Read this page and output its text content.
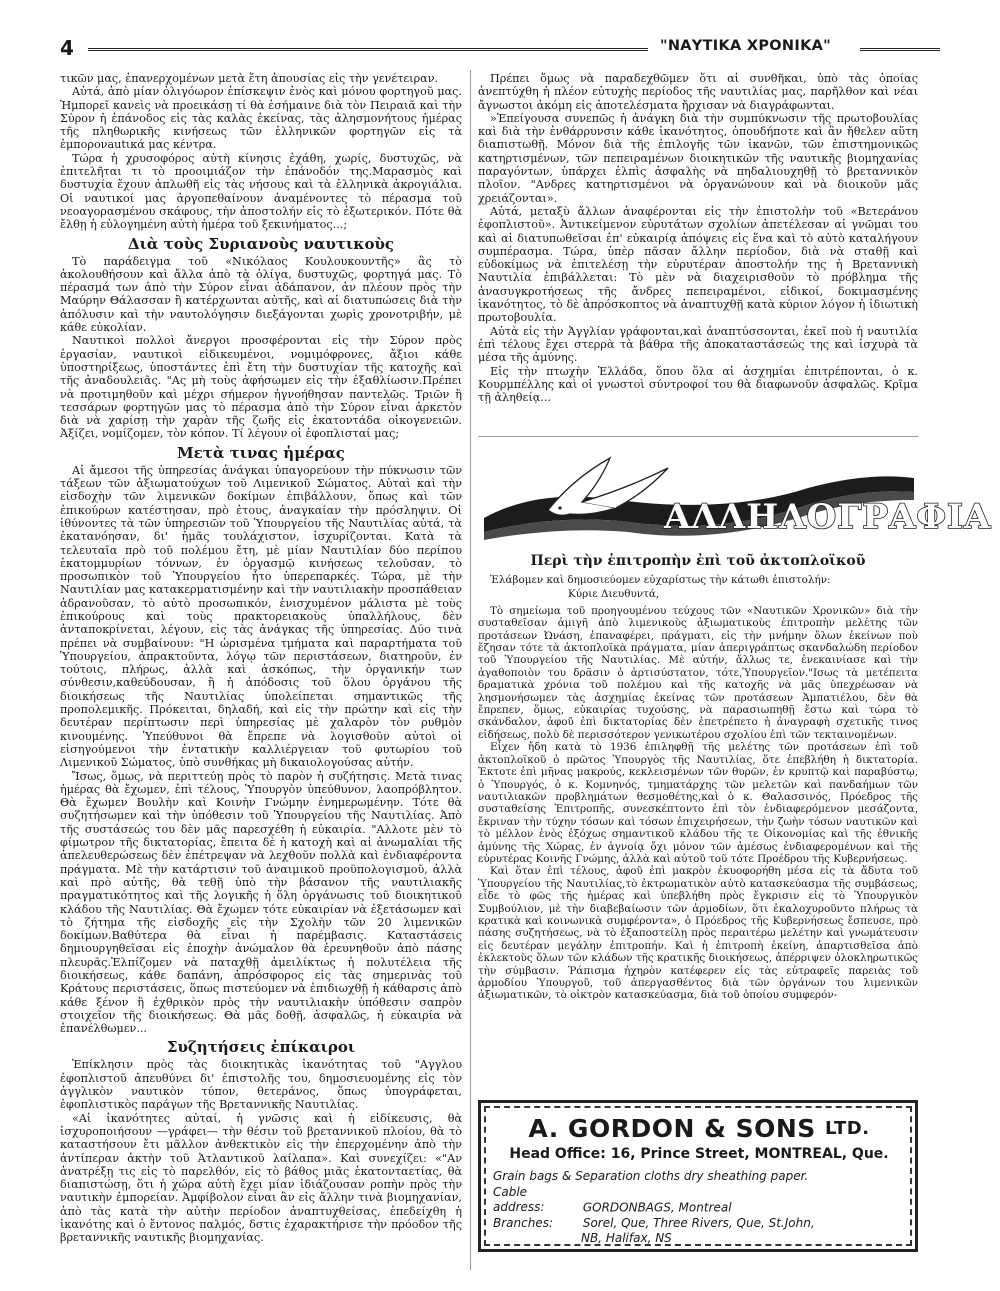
4	"ΝΑΥΤΙΚΑ ΧΡΟΝΙΚΑ"

τικῶν μας, ἐπανερχομένων μετὰ ἔτη ἀπουσίας εἰς τὴν γενέτειραν.

Αὐτά, ἀπὸ μίαν ὀλιγόωρον ἐπίσκεψιν ἑνὸς καὶ μόνου φορτηγοῦ μας. Ἠμπορεῖ κανεὶς νὰ προεικάσῃ τί θὰ ἐσήμαινε διὰ τὸν Πειραιᾶ καὶ τὴν Σύρον ἡ ἐπάνοδος εἰς τὰς καλὰς ἐκείνας, τὰς ἀλησμονήτους ἡμέρας τῆς πληθωρικῆς κινήσεως τῶν ἑλληνικῶν φορτηγῶν εἰς τὰ ἐμπορονautικά μας κέντρα.

Τώρα ἡ χρυσοφόρος αὐτὴ κίνησις ἐχάθη, χωρίς, δυστυχῶς, νὰ ἐπιτελῆται τι τὸ προοιμιάζον τὴν ἐπάνοδόν της.Μαρασμὸς καὶ δυστυχία ἔχουν ἁπλωθῆ εἰς τὰς νήσους καὶ τὰ ἑλληνικὰ ἀκρογιάλια. Οἱ ναυτικοί μας ἀργοπεθαίνουν ἀναμένοντες τὸ πέρασμα τοῦ νεοαγορασμένου σκάφους, τὴν ἀποστολήν εἰς τὸ ἐξωτερικόν. Πότε θὰ ἔλθῃ ἡ εὐλογημένη αὐτὴ ἡμέρα τοῦ ξεκινήματος...;

Διὰ τοὺς Συριανοὺς ναυτικοὺς

Τὸ παράδειγμα τοῦ «Νικόλαος Κουλουκουντῆς» ἂς τὸ ἀκολουθήσουν καὶ ἄλλα ἀπὸ τὰ ὀλίγα, δυστυχῶς, φορτηγά μας. Τὸ πέρασμά των ἀπὸ τὴν Σύρον εἶναι ἀδάπανον, ἀν πλέουν πρὸς τὴν Μαύρην Θάλασσαν ἢ κατέρχωνται αὐτῆς, καὶ αἱ διατυπώσεις διὰ τὴν ἀπόλυσιν καὶ τὴν ναυτολόγησιν διεξάγονται χωρὶς χρονοτριβήν, μὲ κάθε εὐκολίαν.

Ναυτικοὶ πολλοὶ ἄνεργοι προσφέρονται εἰς τὴν Σύρον πρὸς ἐργασίαν, ναυτικοὶ εἰδικευμένοι, νομιμόφρονες, ἄξιοι κάθε ὑποστηρίξεως, ὑποστάντες ἐπὶ ἔτη τὴν δυστυχίαν τῆς κατοχῆς καὶ τῆς ἀναδουλειᾶς. "Ας μὴ τοὺς ἀφήσωμεν εἰς τὴν ἐξαθλίωσιν.Πρέπει νὰ προτιμηθοῦν καὶ μέχρι σήμερον ἠγνοήθησαν παντελῶς. Τριῶν ἢ τεσσάρων φορτηγῶν μας τὸ πέρασμα ἀπὸ τὴν Σύρον εἶναι ἀρκετὸν διὰ νὰ χαρίσῃ τὴν χαρὰν τῆς ζωῆς εἰς ἑκατοντάδα οἰκογενειῶν. Ἀξίζει, νομίζομεν, τὸν κόπον. Τί λέγουν οἱ ἐφοπλισταί μας;

Μετὰ τινας ἡμέρας

Αἱ ἄμεσοι τῆς ὑπηρεσίας ἀνάγκαι ὑπαγορεύουν τὴν πύκνωσιν τῶν τάξεων τῶν ἀξιωματούχων τοῦ Λιμενικοῦ Σώματος. Αὐταὶ καὶ τὴν εἰσδοχὴν τῶν λιμενικῶν δοκίμων ἐπιβάλλουν, ὅπως καὶ τῶν ἐπικούρων κατέστησαν, πρὸ ἐτους, ἀναγκαίαν τὴν πρόσληψιν. Οἱ ἰθύνοντες τὰ τῶν ὑπηρεσιῶν τοῦ Ὑπουργείου τῆς Ναυτιλίας αὐτά, τὰ ἐκατανόησαν, δι' ἡμᾶς τουλάχιστον, ἰσχυρίζονται. Κατὰ τὰ τελευταῖα πρὸ τοῦ πολέμου ἔτη, μὲ μίαν Ναυτιλίαν δύο περίπου ἑκατομμυρίων τόννων, ἐν ὀργασμῷ κινήσεως τελοῦσαν, τὸ προσωπικὸν τοῦ Ὑπουργείου ἦτο ὑπερεπαρκές. Τώρα, μὲ τὴν Ναυτιλίαν μας κατακερματισμένην καὶ τὴν ναυτιλιακὴν προσπάθειαν ἀδρανοῦσαν, τὸ αὐτὸ προσωπικόν, ἐνισχυμένον μάλιστα μὲ τοὺς ἐπικούρους καὶ τοὺς πρακτορειακοὺς ὑπαλλήλους, δὲν ἀνταποκρίνεται, λέγουν, εἰς τὰς ἀνάγκας τῆς ὑπηρεσίας. Δύο τινὰ πρέπει νὰ συμβαίνουν: "Η ὡρισμένα τμήματα καὶ παραρτήματα τοῦ Ὑπουργείου, ἀπρακτοῦντα, λόγῳ τῶν περιστάσεων, διατηροῦν, ἐν τούτοις, πλήρως, ἀλλὰ καὶ ἀσκόπως, τὴν ὀργανικήν των σύνθεσιν,καθεύδουσαν, ἢ ἡ ἀπόδοσις τοῦ ὅλου ὀργάνου τῆς διοικήσεως τῆς Ναυτιλίας ὑπολείπεται σημαντικῶς τῆς προπολεμικῆς. Πρόκειται, δηλαδή, καὶ εἰς τὴν πρώτην καὶ εἰς τὴν δευτέραν περίπτωσιν περὶ ὑπηρεσίας μὲ χαλαρὸν τὸν ρυθμὸν κινουμένης. Ὑπεύθυνοι θὰ ἔπρεπε νὰ λογισθοῦν αὐτοὶ οἱ εἰσηγούμενοι τὴν ἐντατικὴν καλλιέργειαν τοῦ φυτωρίου τοῦ Λιμενικοῦ Σώματος, ὑπὸ συνθήκας μὴ δικαιολογούσας αὐτήν.

Ἴσως, ὅμως, νὰ περιττεύῃ πρὸς τὸ παρὸν ἡ συζήτησις. Μετὰ τινας ἡμέρας θὰ ἔχωμεν, ἐπὶ τέλους, Ὑπουργὸν ὑπεύθυνον, λαοπρόβλητον. Θὰ ἔχωμεν Βουλὴν καὶ Κοινὴν Γνώμην ἐνημερωμένην. Τότε θὰ συζητήσωμεν καὶ τὴν ὑπόθεσιν τοῦ Ὑπουργείου τῆς Ναυτιλίας. Ἀπὸ τῆς συστάσεώς του δὲν μᾶς παρεσχέθη ἡ εὐκαιρία. "Αλλοτε μὲν τὸ φίμωτρον τῆς δικτατορίας, ἔπειτα δὲ ἡ κατοχὴ καὶ αἱ ἀνωμαλίαι τῆς ἀπελευθερώσεως δὲν ἐπέτρεψαν νὰ λεχθοῦν πολλὰ καὶ ἐνδιαφέροντα πράγματα. Μὲ τὴν κατάρτισιν τοῦ ἀναιμικοῦ προϋπολογισμοῦ, ἀλλὰ καὶ πρὸ αὐτῆς, θὰ τεθῇ ὑπὸ τὴν βάσανον τῆς ναυτιλιακῆς πραγματικότητος καὶ τῆς λογικῆς ἡ ὅλη ὀργάνωσις τοῦ διοικητικοῦ κλάδου τῆς Ναυτιλίας. Θὰ ἔχωμεν τότε εὐκαιρίαν νὰ ἐξετάσωμεν καὶ τὸ ζήτημα τῆς εἰσδοχῆς εἰς τὴν Σχολὴν τῶν 20 λιμενικῶν δοκίμων.Βαθύτερα θὰ εἶναι ἡ παρέμβασις. Καταστάσεις δημιουργηθεῖσαι εἰς ἐποχὴν ἀνώμαλον θὰ ἐρευνηθοῦν ἀπὸ πάσης πλευρᾶς.Ἐλπίζομεν νὰ παταχθῇ ἀμειλίκτως ἡ πολυτέλεια τῆς διοικήσεως, κάθε δαπάνη, ἀπρόσφορος εἰς τὰς σημερινὰς τοῦ Κράτους περιστάσεις, ὅπως πιστεύομεν νὰ ἐπιδιωχθῇ ἡ κάθαρσις ἀπὸ κάθε ξένον ἢ ἐχθρικὸν πρὸς τὴν ναυτιλιακὴν ὑπόθεσιν σαπρὸν στοιχεῖον τῆς διοικήσεως. Θὰ μᾶς δοθῇ, ἀσφαλῶς, ἡ εὐκαιρία νὰ ἐπανέλθωμεν...

Συζητήσεις ἐπίκαιροι

Ἐπίκλησιν πρὸς τὰς διοικητικὰς ἱκανότητας τοῦ "Αγγλου ἐφοπλιστοῦ ἀπευθύνει δι' ἐπιστολῆς του, δημοσιευομένης εἰς τὸν ἀγγλικὸν ναυτικὸν τύπον, θετεράνος, ὅπως ὑπογράφεται, ἐφοπλιστικὸς παράγων τῆς Βρεταννικῆς Ναυτιλίας.

«Αἱ ἱκανότητες αὐταί, ἡ γνῶσις καὶ ἡ εἰδίκευσις, θὰ ἰσχυροποιήσουν —γράφει— τὴν θέσιν τοῦ βρεταννικοῦ πλοίου, θὰ τὸ καταστήσουν ἔτι μᾶλλον ἀνθεκτικὸν εἰς τὴν ἐπερχομένην ἀπὸ τὴν ἀντίπεραν ἀκτὴν τοῦ Ἀτλαντικοῦ λαίλαπα». Καὶ συνεχίζει: «"Αν ἀνατρέξῃ τις εἰς τὸ παρελθόν, εἰς τὸ βάθος μιᾶς ἑκατονταετίας, θὰ διαπιστώσῃ, ὅτι ἡ χώρα αὐτὴ ἔχει μίαν ἰδιάζουσαν ροπὴν πρὸς τὴν ναυτικὴν ἐμπορείαν. Ἀμφίβολον εἶναι ἂν εἰς ἄλλην τινὰ βιομηχανίαν, ἀπὸ τὰς κατὰ τὴν αὐτὴν περίοδον ἀναπτυχθείσας, ἐπεδείχθη ἡ ἱκανότης καὶ ὁ ἔντονος παλμός, δστις ἐχαρακτήρισε τὴν πρόοδον τῆς βρεταννικῆς ναυτικῆς βιομηχανίας.

Πρέπει ὅμως νὰ παραδεχθῶμεν ὅτι αἱ συνθῆκαι, ὑπὸ τὰς ὁποίας ἀνεπτύχθη ἡ πλέον εὐτυχὴς περίοδος τῆς ναυτιλίας μας, παρῆλθον καὶ νέαι ἄγνωστοι ἀκόμη εἰς ἀποτελέσματα ἤρχισαν νὰ διαγράφωνται.

»Ἐπείγουσα συνεπῶς ἡ ἀνάγκη διὰ τὴν συμπύκνωσιν τῆς πρωτοβουλίας καὶ διὰ τὴν ἐνθάρρυνσιν κάθε ἱκανότητος, ὁπουδήποτε καὶ ἂν ἤθελεν αὕτη διαπιστωθῇ. Μόνον διὰ τῆς ἐπιλογῆς τῶν ἱκανῶν, τῶν ἐπιστημονικῶς κατηρτισμένων, τῶν πεπειραμένων διοικητικῶν τῆς ναυτικῆς βιομηχανίας παραγόντων, ὑπάρχει ἐλπὶς ἀσφαλὴς νὰ πηδαλιουχηθῇ τὸ βρεταννικὸν πλοῖον. "Ανδρες κατηρτισμένοι νὰ ὀργανώνουν καὶ νὰ διοικοῦν μᾶς χρειάζονται».

Αὐτά, μεταξὺ ἄλλων ἀναφέρονται εἰς τὴν ἐπιστολὴν τοῦ «Βετεράνου ἐφοπλιστοῦ». Ἀντικείμενον εὐρυτάτων σχολίων ἀπετέλεσαν αἱ γνῶμαι του καὶ αἱ διατυπωθεῖσαι ἐπ' εὐκαιρίᾳ ἀπόψεις εἰς ἕνα καὶ τὸ αὐτὸ καταλήγουν συμπέρασμα. Τώρα, ὑπὲρ πᾶσαν ἄλλην περίοδον, διὰ νὰ σταθῇ καὶ εὐδοκίμως νὰ ἐπιτελέσῃ τὴν εὐρυτέραν ἀποστολήν της ἡ Βρεταννικὴ Ναυτιλία ἐπιβάλλεται: Τὸ μὲν νὰ διαχειρισθοῦν τὸ πρόβλημα τῆς ἀνασυγκροτήσεως τῆς ἄνδρες πεπειραμένοι, εἰδικοί, δοκιμασμένης ἱκανότητος, τὸ δὲ ἀπρόσκοπτος νὰ ἀναπτυχθῇ κατὰ κύριον λόγον ἡ ἰδιωτικὴ πρωτοβουλία.

Αὐτὰ εἰς τὴν Ἀγγλίαν γράφονται,καὶ ἀναπτύσσονται, ἐκεῖ ποὺ ἡ ναυτιλία ἐπὶ τέλους ἔχει στερρὰ τὰ βάθρα τῆς ἀποκαταστάσεώς της καὶ ἰσχυρὰ τὰ μέσα τῆς ἀμύνης.

Εἰς τὴν πτωχὴν Ἑλλάδα, ὅπου ὅλα αἱ ἀσχημίαι ἐπιτρέπονται, ὁ κ. Κουρμπέλλης καὶ οἱ γνωστοὶ σύντροφοί του θὰ διαφωνοῦν ἀσφαλῶς. Κρῖμα τῇ ἀληθείᾳ...

ΑΛΛΗΛΟΓΡΑΦΙΑ
Περὶ τὴν ἐπιτροπὴν ἐπὶ τοῦ ἀκτοπλοϊκοῦ

Ἐλάβομεν καὶ δημοσιεύομεν εὐχαρίστως τὴν κάτωθι ἐπιστολήν:

Κύριε Διευθυντά,

Τὸ σημείωμα τοῦ προηγουμένου τεύχους τῶν «Ναυτικῶν Χρονικῶν» διὰ τὴν συσταθεῖσαν ἀμιγῆ ἀπὸ λιμενικοὺς ἀξιωματικοὺς ἐπιτροπὴν μελέτης τῶν προτάσεων Ὠνάση, ἐπαναφέρει, πράγματι, εἰς τὴν μνήμην ὅλων ἐκείνων ποὺ ἔζησαν τότε τὰ ἀκτοπλοϊκὰ πράγματα, μίαν ἀπεριγράπτως σκανδαλώδη περίοδον τοῦ Ὑπουργείου τῆς Ναυτιλίας. Μὲ αὐτήν, ἄλλως τε, ἐνεκαινίασε καὶ τὴν ἀγαθοποιὸν του δρᾶσιν ὁ ἀρτισύστατον, τότε,Ὑπουργεῖον."Ισως τὰ μετέπειτα δραματικὰ χρόνια τοῦ πολέμου καὶ τῆς κατοχῆς νὰ μᾶς ὑπεχρέωσαν νὰ λησμονήσωμεν τὰς ἀσχημίας ἐκείνας τῶν προτάσεων Ἀμπατιέλου, δὲν θὰ ἔπρεπεν, ὅμως, εὐκαιρίας τυχούσης, νὰ παρασιωπηθῇ ἔστω καὶ τώρα τὸ σκάνδαλον, ἀφοῦ ἐπὶ δικτατορίας δὲν ἐπετρέπετο ἡ ἀναγραφὴ σχετικῆς τινος εἰδήσεως, πολὺ δὲ περισσότερον γενικωτέρου σχολίου ἐπὶ τῶν τεκταινομένων.

Εἶχεν ἤδη κατὰ τὸ 1936 ἐπιληφθῇ τῆς μελέτης τῶν προτάσεων ἐπὶ τοῦ ἀκτοπλοϊκοῦ ὁ πρῶτος Ὑπουργὸς τῆς Ναυτιλίας, ὅτε ἐπεβλήθη ἡ δικτατορία. Ἐκτοτε ἐπὶ μῆνας μακρούς, κεκλεισμένων τῶν θυρῶν, ἐν κρυπτῷ καὶ παραβύστῳ, ὁ Ὑπουργός, ὁ κ. Κομνηνός, τμηματάρχης τῶν μελετῶν καὶ πανδαήμων τῶν ναυτιλιακῶν προβλημάτων θεσμοθέτης,καὶ ὁ κ. Θαλασσινός, Πρόεδρος τῆς συσταθείσης Ἐπιτροπῆς, συνεσκέπτοντο ἐπὶ τὸν ἐνδιαφερόμενον μεσάζοντα, ἔκριναν τὴν τύχην τόσων καὶ τόσων ἐπιχειρήσεων, τὴν ζωὴν τόσων ναυτικῶν καὶ τὸ μέλλον ἑνὸς ἐξόχως σημαντικοῦ κλάδου τῆς τε Οἰκονομίας καὶ τῆς ἐθνικῆς ἀμύνης τῆς Χώρας, ἐν ἀγνοίᾳ ὄχι μόνον τῶν ἀμέσως ἐνδιαφερομένων καὶ τῆς εὐρυτέρας Κοινῆς Γνώμης, ἀλλὰ καὶ αὐτοῦ τοῦ τότε Προέδρου τῆς Κυβερνήσεως.

Καὶ ὅταν ἐπὶ τέλους, ἀφοῦ ἐπὶ μακρὸν ἐκυοφορήθη μέσα εἰς τὰ ἄδυτα τοῦ Ὑπουργείου τῆς Ναυτιλίας,τὸ ἐκτρωματικὸν αὐτὸ κατασκεύασμα τῆς συμβάσεως, εἶδε τὸ φῶς τῆς ἡμέρας καὶ ὑπεβλήθη πρὸς ἔγκρισιν εἰς τὸ Ὑπουργικὸν Συμβούλιον, μὲ τὴν διαβεβαίωσιν τῶν ἁρμοδίων, ὅτι ἐκαλοχυροῦντο πλήρως τὰ κρατικὰ καὶ κοινωνικὰ συμφέροντα», ὁ Πρόεδρος τῆς Κυβερνήσεως ἔσπευσε, πρὸ πάσης συζητήσεως, νὰ τὸ ἐξαποστείλῃ πρὸς περαιτέρω μελέτην καὶ γνωμάτευσιν εἰς δευτέραν μεγάλην ἐπιτροπήν. Καὶ ἡ ἐπιτροπὴ ἐκείνη, ἀπαρτισθεῖσα ἀπὸ ἐκλεκτοὺς ὅλων τῶν κλάδων τῆς κρατικῆς διοικήσεως, ἀπέρριψεν ὁλοκληρωτικῶς τὴν σύμβασιν. Ῥάπισμα ἠχηρὸν κατέφερεν εἰς τὰς εὐτραφεῖς παρειὰς τοῦ ἁρμοδίου Ὑπουργοῦ, τοῦ ἀπεργασθέντος διὰ τῶν ὀργάνων του λιμενικῶν ἀξιωματικῶν, τὸ οἰκτρὸν κατασκεύασμα, διὰ τοῦ ὁποίου συμφερόν-

A. GORDON & SONS $^{LTD.}$
Head Office: 16, Prince Street, MONTREAL, Que.
Grain bags & Separation cloths dry sheathing paper.
Cable address:	GORDONBAGS, Montreal
Branches: Sorel, Que, Three Rivers, Que, St.John,
NB, Halifax, NS
